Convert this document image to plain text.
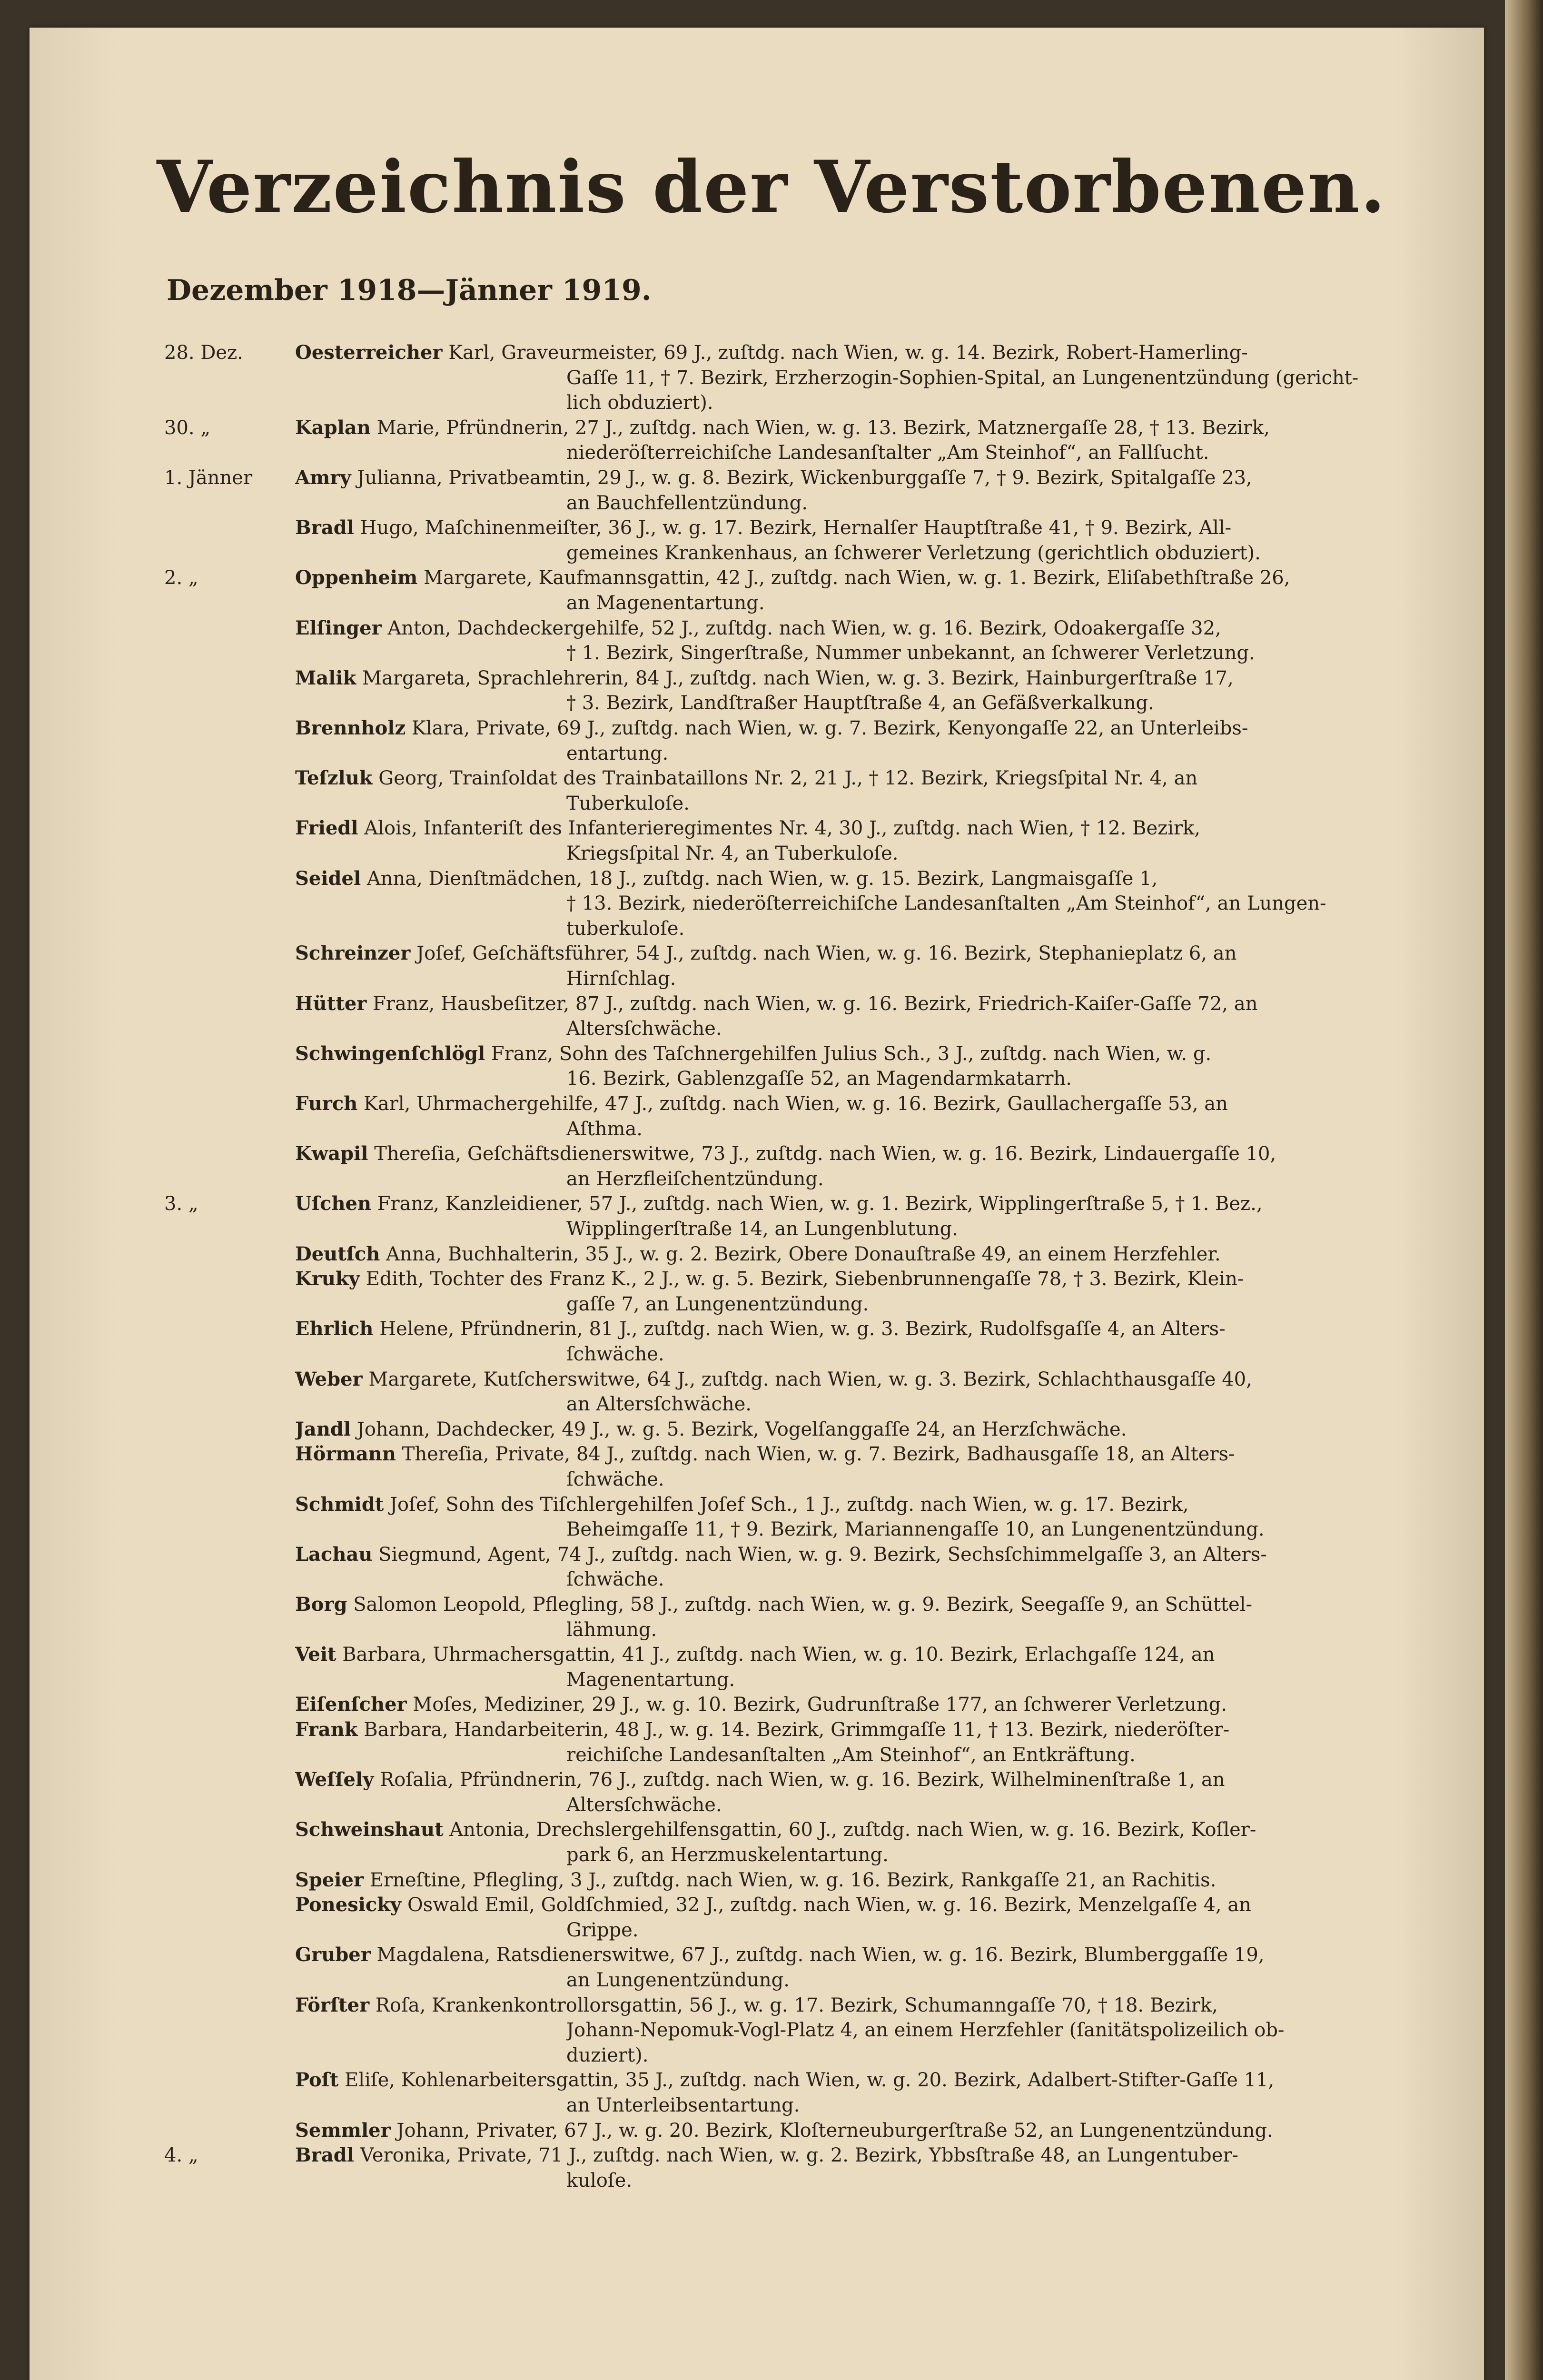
Verzeichnis der Verstorbenen.
Dezember 1918—Jänner 1919.
28. Dez.	Oesterreicher Karl, Graveurmeister, 69 J., zuſtdg. nach Wien, w. g. 14. Bezirk, Robert-Hamerling-
Gaſſe 11, † 7. Bezirk, Erzherzogin-Sophien-Spital, an Lungenentzündung (gericht-
lich obduziert).
30. „	Kaplan Marie, Pfründnerin, 27 J., zuſtdg. nach Wien, w. g. 13. Bezirk, Matznergaſſe 28, † 13. Bezirk,
niederöſterreichiſche Landesanſtalter „Am Steinhof“, an Fallſucht.
1. Jänner Amry Julianna, Privatbeamtin, 29 J., w. g. 8. Bezirk, Wickenburggaſſe 7, † 9. Bezirk, Spitalgaſſe 23,
an Bauchfellentzündung.
Bradl Hugo, Maſchinenmeiſter, 36 J., w. g. 17. Bezirk, Hernalſer Hauptſtraße 41, † 9. Bezirk, All-
gemeines Krankenhaus, an ſchwerer Verletzung (gerichtlich obduziert).
2. „	Oppenheim Margarete, Kaufmannsgattin, 42 J., zuſtdg. nach Wien, w. g. 1. Bezirk, Eliſabethſtraße 26,
an Magenentartung.
Elſinger Anton, Dachdeckergehilfe, 52 J., zuſtdg. nach Wien, w. g. 16. Bezirk, Odoakergaſſe 32,
† 1. Bezirk, Singerſtraße, Nummer unbekannt, an ſchwerer Verletzung.
Malik Margareta, Sprachlehrerin, 84 J., zuſtdg. nach Wien, w. g. 3. Bezirk, Hainburgerſtraße 17,
† 3. Bezirk, Landſtraßer Hauptſtraße 4, an Gefäßverkalkung.
Brennholz Klara, Private, 69 J., zuſtdg. nach Wien, w. g. 7. Bezirk, Kenyongaſſe 22, an Unterleibs-
entartung.
Teſzluk Georg, Trainſoldat des Trainbataillons Nr. 2, 21 J., † 12. Bezirk, Kriegsſpital Nr. 4, an
Tuberkuloſe.
Friedl Alois, Infanteriſt des Infanterieregimentes Nr. 4, 30 J., zuſtdg. nach Wien, † 12. Bezirk,
Kriegsſpital Nr. 4, an Tuberkuloſe.
Seidel Anna, Dienſtmädchen, 18 J., zuſtdg. nach Wien, w. g. 15. Bezirk, Langmaisgaſſe 1,
† 13. Bezirk, niederöſterreichiſche Landesanſtalten „Am Steinhof“, an Lungen-
tuberkuloſe.
Schreinzer Joſef, Geſchäftsführer, 54 J., zuſtdg. nach Wien, w. g. 16. Bezirk, Stephanieplatz 6, an
Hirnſchlag.
Hütter Franz, Hausbeſitzer, 87 J., zuſtdg. nach Wien, w. g. 16. Bezirk, Friedrich-Kaiſer-Gaſſe 72, an
Altersſchwäche.
Schwingenſchlögl Franz, Sohn des Taſchnergehilfen Julius Sch., 3 J., zuſtdg. nach Wien, w. g.
16. Bezirk, Gablenzgaſſe 52, an Magendarmkatarrh.
Furch Karl, Uhrmachergehilfe, 47 J., zuſtdg. nach Wien, w. g. 16. Bezirk, Gaullachergaſſe 53, an
Aſthma.
Kwapil Thereſia, Geſchäftsdienerswitwe, 73 J., zuſtdg. nach Wien, w. g. 16. Bezirk, Lindauergaſſe 10,
an Herzfleiſchentzündung.
3. „	Uſchen Franz, Kanzleidiener, 57 J., zuſtdg. nach Wien, w. g. 1. Bezirk, Wipplingerſtraße 5, † 1. Bez.,
Wipplingerſtraße 14, an Lungenblutung.
Deutſch Anna, Buchhalterin, 35 J., w. g. 2. Bezirk, Obere Donauſtraße 49, an einem Herzfehler.
Kruky Edith, Tochter des Franz K., 2 J., w. g. 5. Bezirk, Siebenbrunnengaſſe 78, † 3. Bezirk, Klein-
gaſſe 7, an Lungenentzündung.
Ehrlich Helene, Pfründnerin, 81 J., zuſtdg. nach Wien, w. g. 3. Bezirk, Rudolfsgaſſe 4, an Alters-
ſchwäche.
Weber Margarete, Kutſcherswitwe, 64 J., zuſtdg. nach Wien, w. g. 3. Bezirk, Schlachthausgaſſe 40,
an Altersſchwäche.
Jandl Johann, Dachdecker, 49 J., w. g. 5. Bezirk, Vogelſanggaſſe 24, an Herzſchwäche.
Hörmann Thereſia, Private, 84 J., zuſtdg. nach Wien, w. g. 7. Bezirk, Badhausgaſſe 18, an Alters-
ſchwäche.
Schmidt Joſef, Sohn des Tiſchlergehilfen Joſef Sch., 1 J., zuſtdg. nach Wien, w. g. 17. Bezirk,
Beheimgaſſe 11, † 9. Bezirk, Mariannengaſſe 10, an Lungenentzündung.
Lachau Siegmund, Agent, 74 J., zuſtdg. nach Wien, w. g. 9. Bezirk, Sechsſchimmelgaſſe 3, an Alters-
ſchwäche.
Borg Salomon Leopold, Pflegling, 58 J., zuſtdg. nach Wien, w. g. 9. Bezirk, Seegaſſe 9, an Schüttel-
lähmung.
Veit Barbara, Uhrmachersgattin, 41 J., zuſtdg. nach Wien, w. g. 10. Bezirk, Erlachgaſſe 124, an
Magenentartung.
Eiſenſcher Moſes, Mediziner, 29 J., w. g. 10. Bezirk, Gudrunſtraße 177, an ſchwerer Verletzung.
Frank Barbara, Handarbeiterin, 48 J., w. g. 14. Bezirk, Grimmgaſſe 11, † 13. Bezirk, niederöſter-
reichiſche Landesanſtalten „Am Steinhof“, an Entkräftung.
Weſſely Roſalia, Pfründnerin, 76 J., zuſtdg. nach Wien, w. g. 16. Bezirk, Wilhelminenſtraße 1, an
Altersſchwäche.
Schweinshaut Antonia, Drechslergehilfensgattin, 60 J., zuſtdg. nach Wien, w. g. 16. Bezirk, Koſler-
park 6, an Herzmuskelentartung.
Speier Erneſtine, Pflegling, 3 J., zuſtdg. nach Wien, w. g. 16. Bezirk, Rankgaſſe 21, an Rachitis.
Ponesicky Oswald Emil, Goldſchmied, 32 J., zuſtdg. nach Wien, w. g. 16. Bezirk, Menzelgaſſe 4, an
Grippe.
Gruber Magdalena, Ratsdienerswitwe, 67 J., zuſtdg. nach Wien, w. g. 16. Bezirk, Blumberggaſſe 19,
an Lungenentzündung.
Förſter Roſa, Krankenkontrollorsgattin, 56 J., w. g. 17. Bezirk, Schumanngaſſe 70, † 18. Bezirk,
Johann-Nepomuk-Vogl-Platz 4, an einem Herzfehler (ſanitätspolizeilich ob-
duziert).
Poſt Eliſe, Kohlenarbeitersgattin, 35 J., zuſtdg. nach Wien, w. g. 20. Bezirk, Adalbert-Stifter-Gaſſe 11,
an Unterleibsentartung.
Semmler Johann, Privater, 67 J., w. g. 20. Bezirk, Kloſterneuburgerſtraße 52, an Lungenentzündung.
4. „	Bradl Veronika, Private, 71 J., zuſtdg. nach Wien, w. g. 2. Bezirk, Ybbsſtraße 48, an Lungentuber-
kuloſe.
